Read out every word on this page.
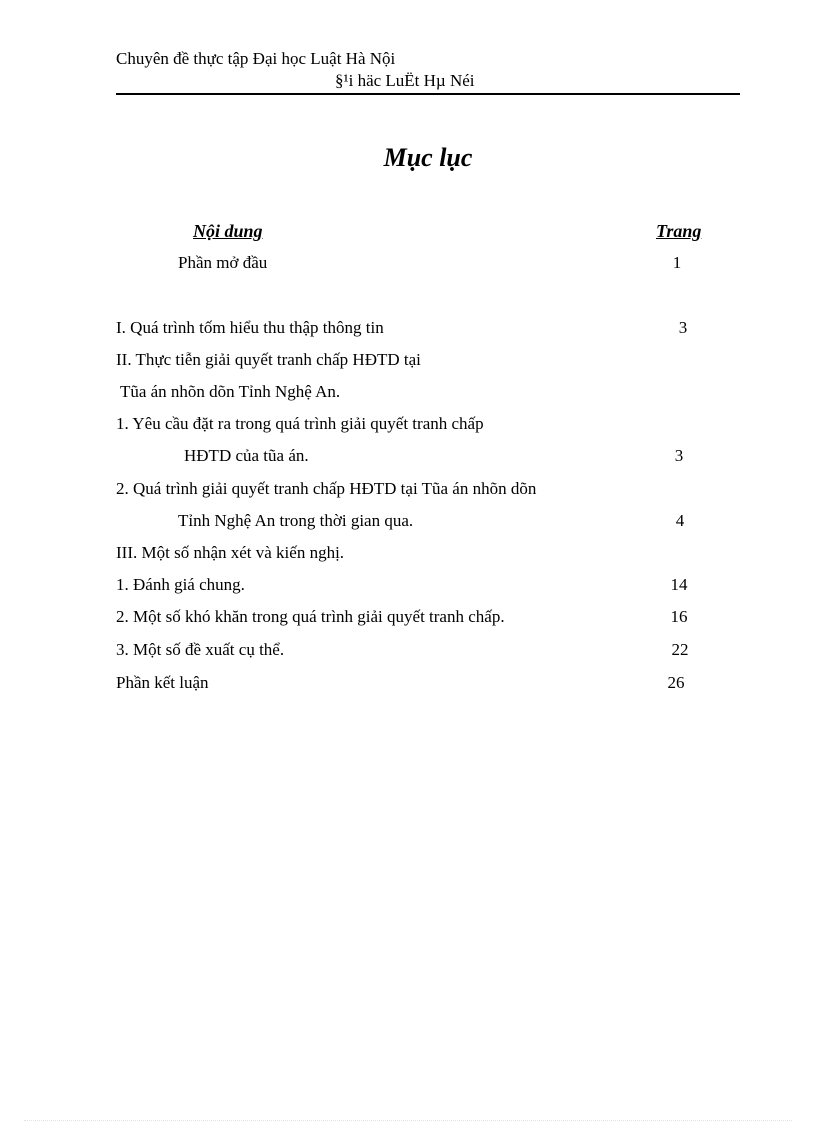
Chuyên đề thực tập Đại học Luật Hà Nội
§¹i häc LuËt Hµ Néi
Mục lục
Nội dung	Trang
Phần mở đầu	1
I. Quá trình tốm hiểu thu thập thông tin	3
II. Thực tiễn giải quyết tranh chấp HĐTD tại
Tũa án nhõn dõn Tỉnh Nghệ An.
1. Yêu cầu đặt ra trong quá trình giải quyết tranh chấp
HĐTD của tũa án.	3
2. Quá trình giải quyết tranh chấp HĐTD tại Tũa án nhõn dõn
Tỉnh Nghệ An trong thời gian qua.	4
III. Một số nhận xét và kiến nghị.
1. Đánh giá chung.	14
2. Một số khó khăn trong quá trình giải quyết tranh chấp.	16
3. Một số đề xuất cụ thể.	22
Phần kết luận	26
